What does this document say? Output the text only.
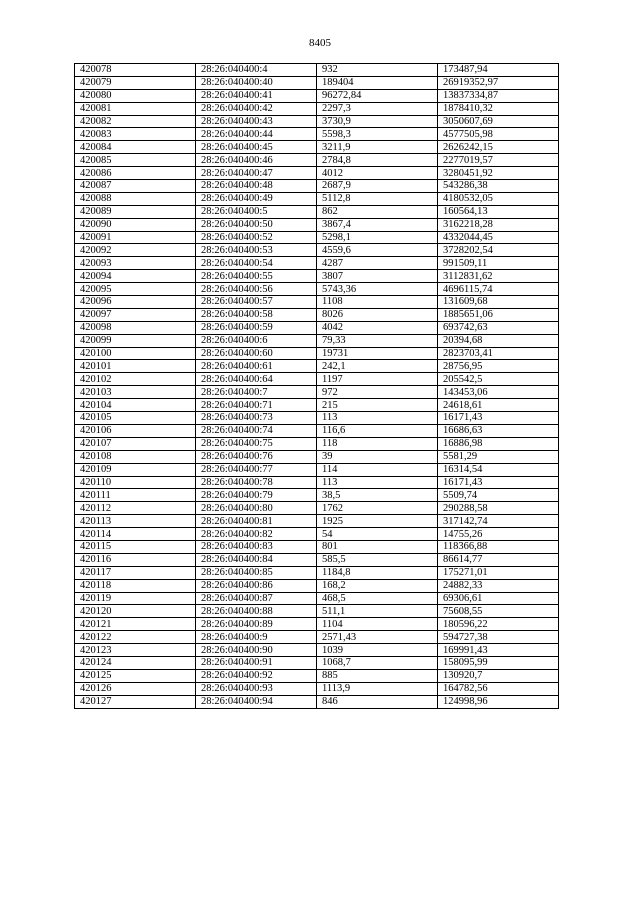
8405
420078	28:26:040400:4	932	173487,94
420079	28:26:040400:40	189404	26919352,97
420080	28:26:040400:41	96272,84	13837334,87
420081	28:26:040400:42	2297,3	1878410,32
420082	28:26:040400:43	3730,9	3050607,69
420083	28:26:040400:44	5598,3	4577505,98
420084	28:26:040400:45	3211,9	2626242,15
420085	28:26:040400:46	2784,8	2277019,57
420086	28:26:040400:47	4012	3280451,92
420087	28:26:040400:48	2687,9	543286,38
420088	28:26:040400:49	5112,8	4180532,05
420089	28:26:040400:5	862	160564,13
420090	28:26:040400:50	3867,4	3162218,28
420091	28:26:040400:52	5298,1	4332044,45
420092	28:26:040400:53	4559,6	3728202,54
420093	28:26:040400:54	4287	991509,11
420094	28:26:040400:55	3807	3112831,62
420095	28:26:040400:56	5743,36	4696115,74
420096	28:26:040400:57	1108	131609,68
420097	28:26:040400:58	8026	1885651,06
420098	28:26:040400:59	4042	693742,63
420099	28:26:040400:6	79,33	20394,68
420100	28:26:040400:60	19731	2823703,41
420101	28:26:040400:61	242,1	28756,95
420102	28:26:040400:64	1197	205542,5
420103	28:26:040400:7	972	143453,06
420104	28:26:040400:71	215	24618,61
420105	28:26:040400:73	113	16171,43
420106	28:26:040400:74	116,6	16686,63
420107	28:26:040400:75	118	16886,98
420108	28:26:040400:76	39	5581,29
420109	28:26:040400:77	114	16314,54
420110	28:26:040400:78	113	16171,43
420111	28:26:040400:79	38,5	5509,74
420112	28:26:040400:80	1762	290288,58
420113	28:26:040400:81	1925	317142,74
420114	28:26:040400:82	54	14755,26
420115	28:26:040400:83	801	118366,88
420116	28:26:040400:84	585,5	86614,77
420117	28:26:040400:85	1184,8	175271,01
420118	28:26:040400:86	168,2	24882,33
420119	28:26:040400:87	468,5	69306,61
420120	28:26:040400:88	511,1	75608,55
420121	28:26:040400:89	1104	180596,22
420122	28:26:040400:9	2571,43	594727,38
420123	28:26:040400:90	1039	169991,43
420124	28:26:040400:91	1068,7	158095,99
420125	28:26:040400:92	885	130920,7
420126	28:26:040400:93	1113,9	164782,56
420127	28:26:040400:94	846	124998,96
